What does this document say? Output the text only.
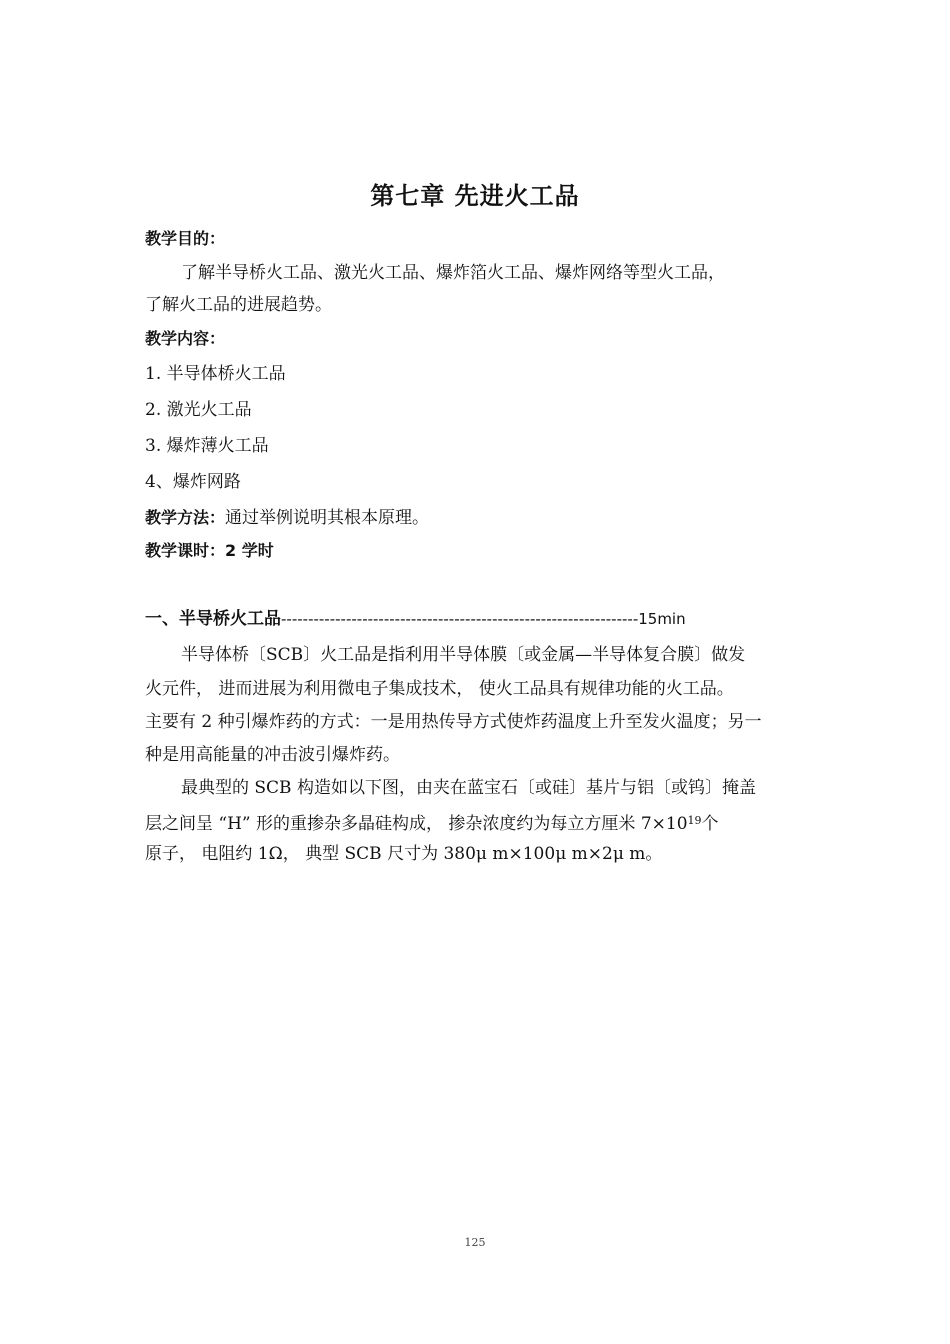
第七章 先进火工品
教学目的：
了解半导桥火工品、激光火工品、爆炸箔火工品、爆炸网络等型火工品，
了解火工品的进展趋势。
教学内容：
1. 半导体桥火工品
2. 激光火工品
3. 爆炸薄火工品
4、爆炸网路
教学方法：通过举例说明其根本原理。
教学课时：2 学时
一、半导桥火工品------------------------------------------------------------------15min
半导体桥〔SCB〕火工品是指利用半导体膜〔或金属—半导体复合膜〕做发
火元件， 进而进展为利用微电子集成技术， 使火工品具有规律功能的火工品。
主要有 2 种引爆炸药的方式：一是用热传导方式使炸药温度上升至发火温度；另一
种是用高能量的冲击波引爆炸药。
最典型的 SCB 构造如以下图，由夹在蓝宝石〔或硅〕基片与铝〔或钨〕掩盖
层之间呈 “H” 形的重掺杂多晶硅构成， 掺杂浓度约为每立方厘米 $7\times 10^{19}$个
原子， 电阻约 1Ω， 典型 SCB 尺寸为 380μ m×100μ m×2μ m。
125
